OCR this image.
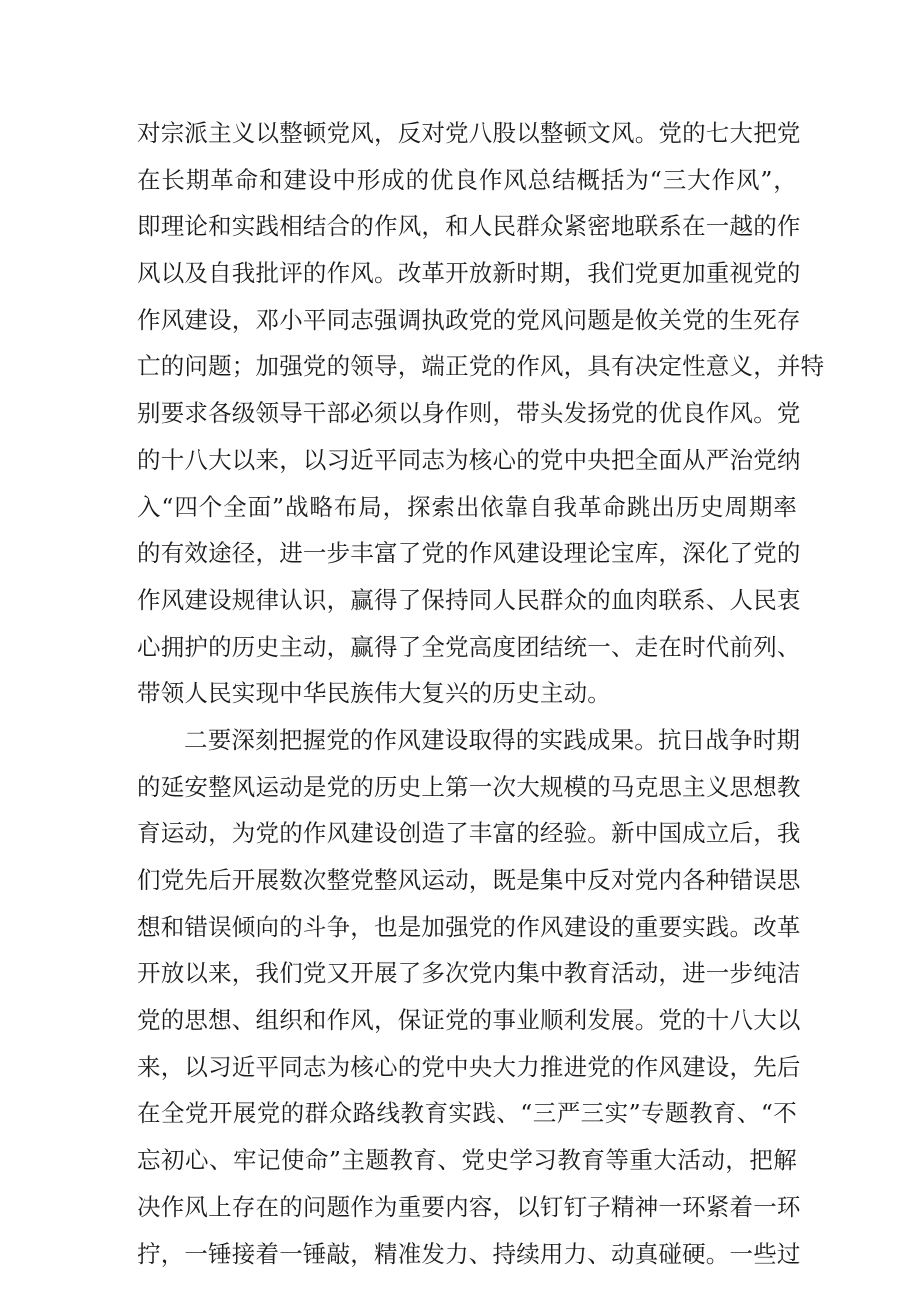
对宗派主义以整顿党风，反对党八股以整顿文风。党的七大把党
在长期革命和建设中形成的优良作风总结概括为“三大作风”，
即理论和实践相结合的作风，和人民群众紧密地联系在一越的作
风以及自我批评的作风。改革开放新时期，我们党更加重视党的
作风建设，邓小平同志强调执政党的党风问题是攸关党的生死存
亡的问题；加强党的领导，端正党的作风，具有决定性意义，并特
别要求各级领导干部必须以身作则，带头发扬党的优良作风。党
的十八大以来，以习近平同志为核心的党中央把全面从严治党纳
入“四个全面”战略布局，探索出依靠自我革命跳出历史周期率
的有效途径，进一步丰富了党的作风建设理论宝库，深化了党的
作风建设规律认识，赢得了保持同人民群众的血肉联系、人民衷
心拥护的历史主动，赢得了全党高度团结统一、走在时代前列、
带领人民实现中华民族伟大复兴的历史主动。
二要深刻把握党的作风建设取得的实践成果。抗日战争时期
的延安整风运动是党的历史上第一次大规模的马克思主义思想教
育运动，为党的作风建设创造了丰富的经验。新中国成立后，我
们党先后开展数次整党整风运动，既是集中反对党内各种错误思
想和错误倾向的斗争，也是加强党的作风建设的重要实践。改革
开放以来，我们党又开展了多次党内集中教育活动，进一步纯洁
党的思想、组织和作风，保证党的事业顺利发展。党的十八大以
来，以习近平同志为核心的党中央大力推进党的作风建设，先后
在全党开展党的群众路线教育实践、“三严三实”专题教育、“不
忘初心、牢记使命”主题教育、党史学习教育等重大活动，把解
决作风上存在的问题作为重要内容，以钉钉子精神一环紧着一环
拧，一锤接着一锤敲，精准发力、持续用力、动真碰硬。一些过
